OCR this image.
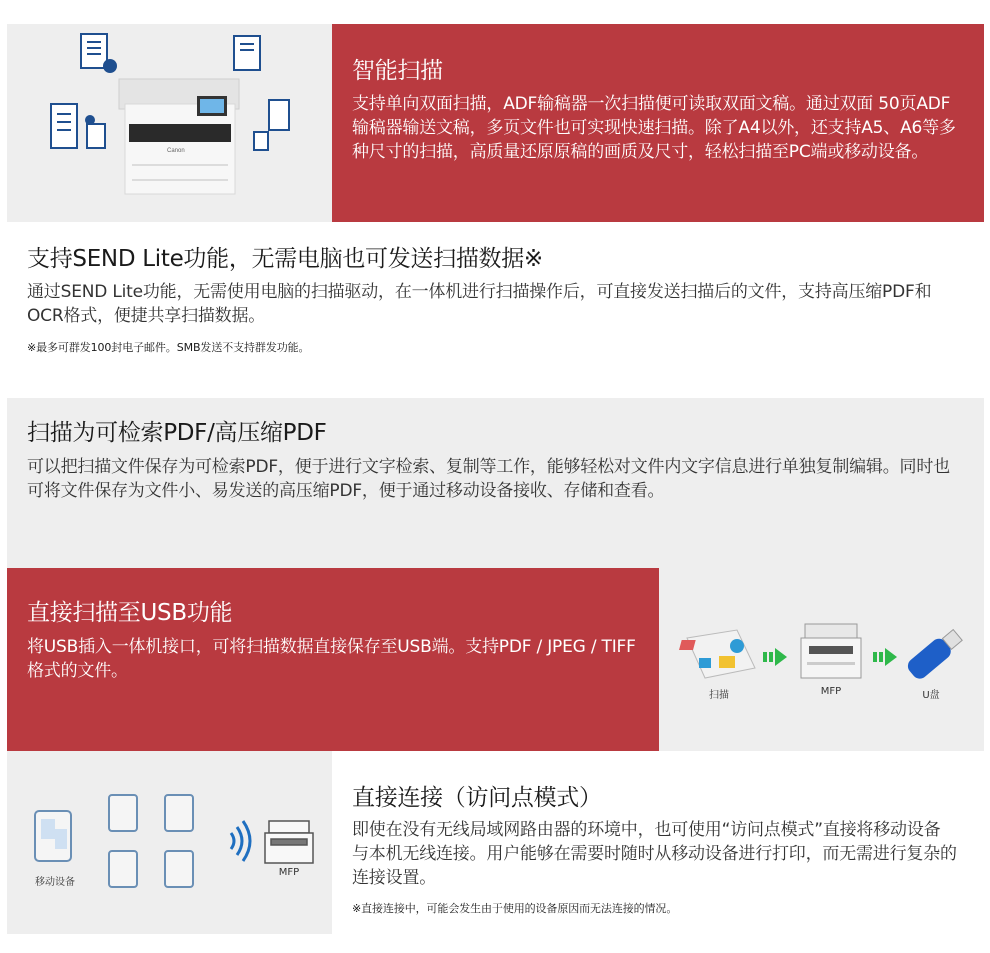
Canon
智能扫描
支持单向双面扫描，ADF输稿器一次扫描便可读取双面文稿。通过双面 50页ADF输稿器输送文稿，多页文件也可实现快速扫描。除了A4以外，还支持A5、A6等多种尺寸的扫描，高质量还原原稿的画质及尺寸，轻松扫描至PC端或移动设备。
支持SEND Lite功能，无需电脑也可发送扫描数据※
通过SEND Lite功能，无需使用电脑的扫描驱动，在一体机进行扫描操作后，可直接发送扫描后的文件，支持高压缩PDF和OCR格式，便捷共享扫描数据。
※最多可群发100封电子邮件。SMB发送不支持群发功能。
扫描为可检索PDF/高压缩PDF
可以把扫描文件保存为可检索PDF，便于进行文字检索、复制等工作，能够轻松对文件内文字信息进行单独复制编辑。同时也可将文件保存为文件小、易发送的高压缩PDF，便于通过移动设备接收、存储和查看。
直接扫描至USB功能
将USB插入一体机接口，可将扫描数据直接保存至USB端。支持PDF / JPEG / TIFF格式的文件。
扫描	MFP	U盘
移动设备
MFP
直接连接（访问点模式）
即使在没有无线局域网路由器的环境中，也可使用“访问点模式”直接将移动设备与本机无线连接。用户能够在需要时随时从移动设备进行打印，而无需进行复杂的连接设置。
※直接连接中，可能会发生由于使用的设备原因而无法连接的情况。
